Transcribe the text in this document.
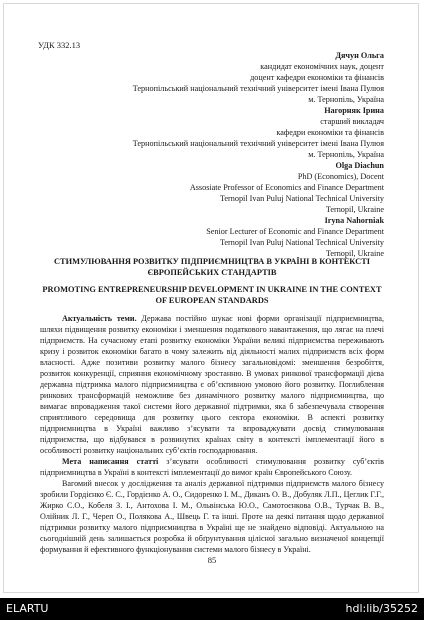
УДК 332.13
Дячун Ольга
кандидат економічних наук, доцент
доцент кафедри економіки та фінансів
Тернопільський національний технічний університет імені Івана Пулюя
м. Тернопіль, Україна
Нагорняк Ірина
старший викладач
кафедри економіки та фінансів
Тернопільський національний технічний університет імені Івана Пулюя
м. Тернопіль, Україна
Olga Diachun
PhD (Economics), Docent
Assosiate Professor of Economics and Finance Department
Ternopil Ivan Puluj National Technical University
Ternopil, Ukraine
Iryna Nahorniak
Senior Lecturer of Economic and Finance Department
Ternopil Ivan Puluj National Technical University
Ternopil, Ukraine
СТИМУЛЮВАННЯ РОЗВИТКУ ПІДПРИЄМНИЦТВА В УКРАЇНІ В КОНТЕКСТІ ЄВРОПЕЙСЬКИХ СТАНДАРТІВ
PROMOTING ENTREPRENEURSHIP DEVELOPMENT IN UKRAINE IN THE CONTEXT OF EUROPEAN STANDARDS

Актуальність теми. Держава постійно шукає нові форми організації підприємництва, шляхи підвищення розвитку економіки і зменшення податкового навантаження, що лягає на плечі підприємств. На сучасному етапі розвитку економіки України великі підприємства переживають кризу і розвиток економіки багато в чому залежить від діяльності малих підприємств всіх форм власності. Адже позитиви розвитку малого бізнесу загальновідомі: зменшення безробіття, розвиток конкуренції, сприяння економічному зростанню. В умовах ринкової трансформації дієва державна підтримка малого підприємництва є об’єктивною умовою його розвитку. Поглиблення ринкових трансформацій неможливе без динамічного розвитку малого підприємництва, що вимагає впровадження такої системи його державної підтримки, яка б забезпечувала створення сприятливого середовища для розвитку цього сектора економіки. В аспекті розвитку підприємництва в Україні важливо з’ясувати та впроваджувати досвід стимулювання підприємства, що відбувався в розвинутих країнах світу в контексті імплементації його в особливості розвитку національних суб’єктів господарювання.

Мета написання статті з’ясувати особливості стимулювання розвитку суб’єктів підприємництва в Україні в контексті імплементації до вимог країн Європейського Союзу.

Вагомий внесок у дослідження та аналіз державної підтримки підприємств малого бізнесу зробили Гордієнко Є. С., Гордієнко А. О., Сидоренко І. М., Диканъ О. В., Добуляк Л.П., Цеглик Г.Г., Жирко С.О., Кобеля З. І., Антохова І. М., Ольвінська Ю.О., Самотоєнкова О.В., Турчак В. В., Олійник Л. Г., Череп О., Полякова А., Швець Г. та інші. Проте на деякі питання щодо державної підтримки розвитку малого підприємництва в Україні ще не знайдено відповіді. Актуальною на сьогоднішній день залишається розробка й обґрунтування цілісної загально визначеної концепції формування й ефективного функціонування системи малого бізнесу в Україні.

85
ELARTU	hdl:lib/35252
